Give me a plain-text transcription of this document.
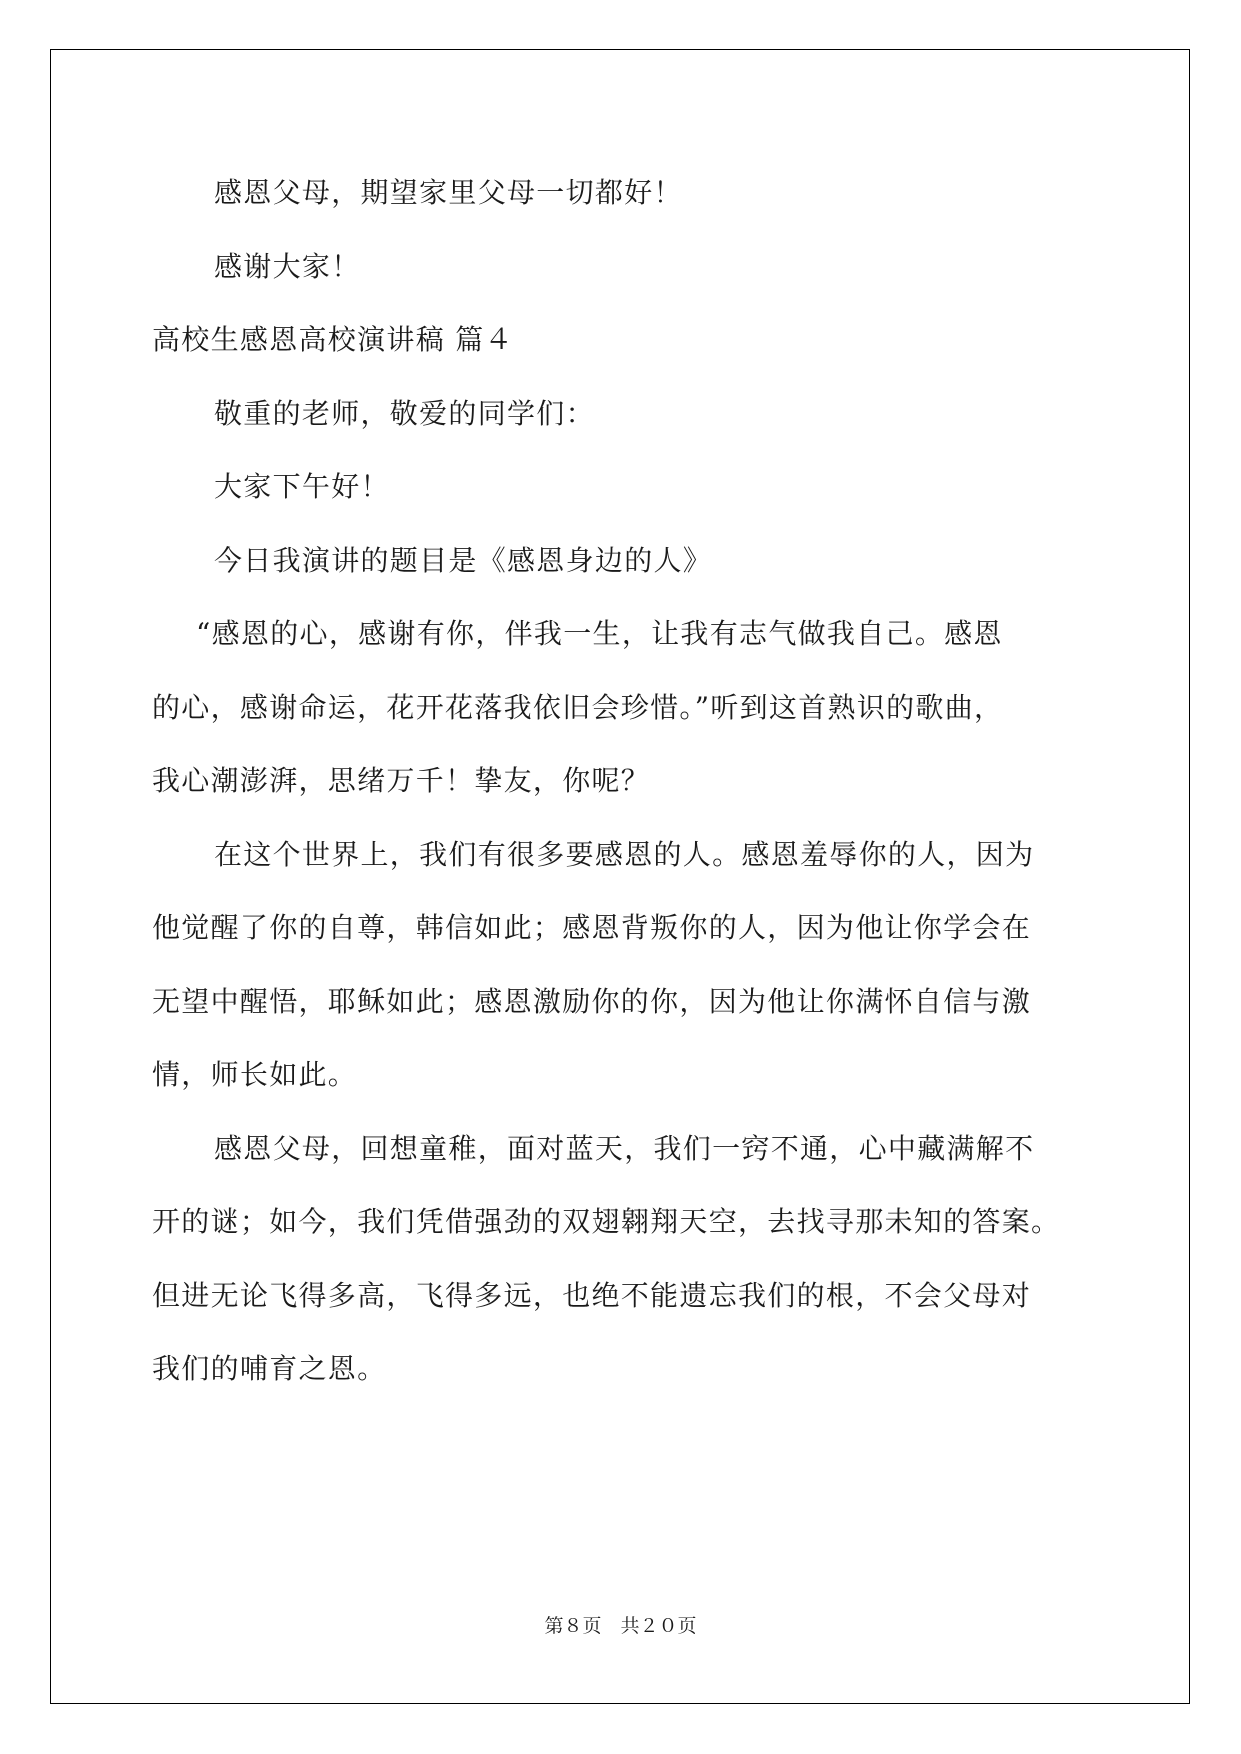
感恩父母，期望家里父母一切都好！
感谢大家！
高校生感恩高校演讲稿 篇４
敬重的老师，敬爱的同学们：
大家下午好！
今日我演讲的题目是《感恩身边的人》
“感恩的心，感谢有你，伴我一生，让我有志气做我自己。感恩
的心，感谢命运，花开花落我依旧会珍惜。”听到这首熟识的歌曲，
我心潮澎湃，思绪万千！挚友，你呢？
在这个世界上，我们有很多要感恩的人。感恩羞辱你的人，因为
他觉醒了你的自尊，韩信如此；感恩背叛你的人，因为他让你学会在
无望中醒悟，耶稣如此；感恩激励你的你，因为他让你满怀自信与激
情，师长如此。
感恩父母，回想童稚，面对蓝天，我们一窍不通，心中藏满解不
开的谜；如今，我们凭借强劲的双翅翱翔天空，去找寻那未知的答案。
但进无论飞得多高，飞得多远，也绝不能遗忘我们的根，不会父母对
我们的哺育之恩。
第８页　共２０页
